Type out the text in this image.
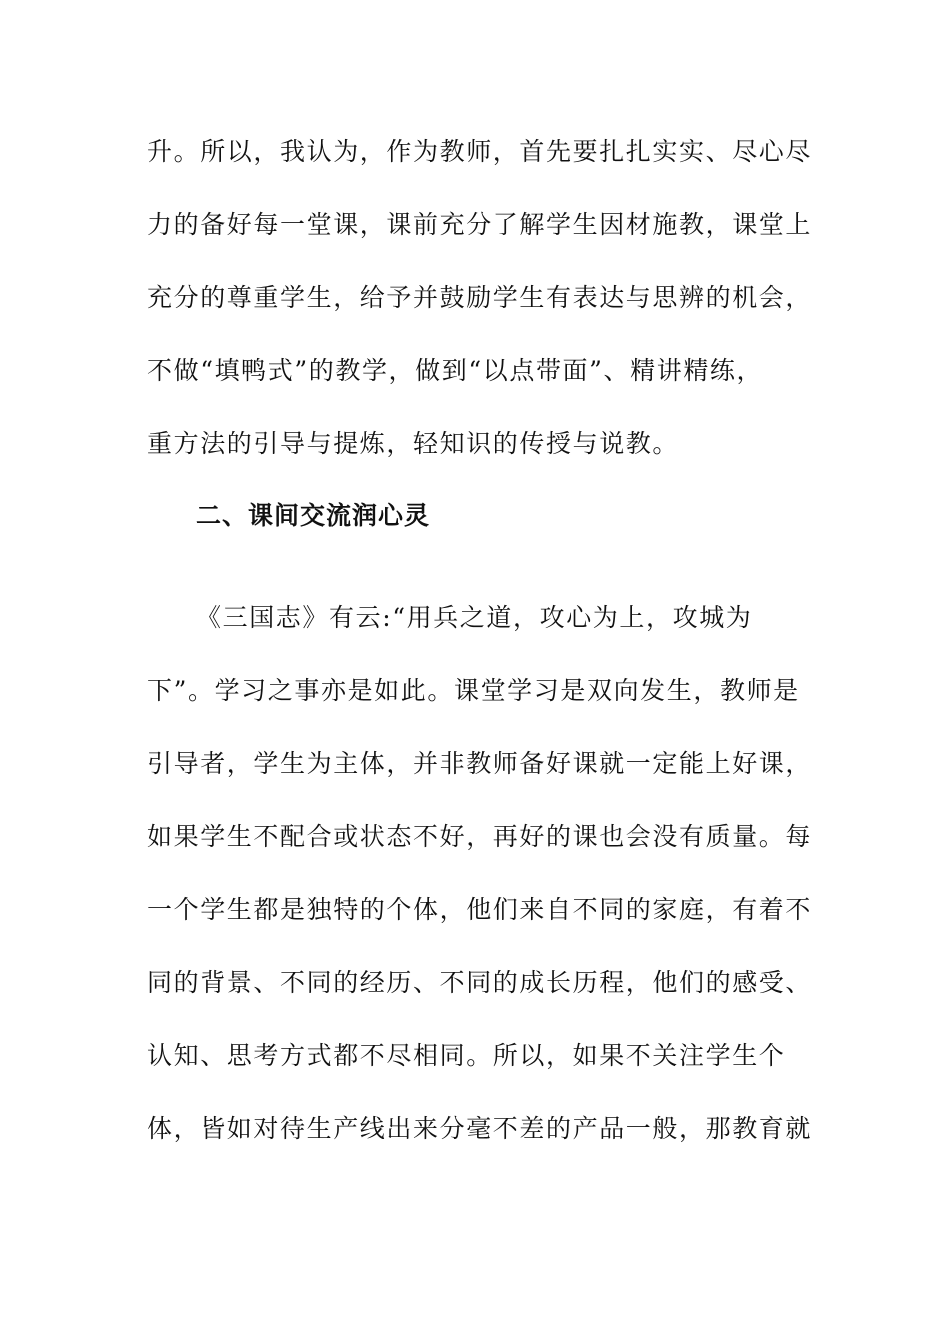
升。所以，我认为，作为教师，首先要扎扎实实、尽心尽
力的备好每一堂课，课前充分了解学生因材施教，课堂上
充分的尊重学生，给予并鼓励学生有表达与思辨的机会，
不做“填鸭式”的教学，做到“以点带面”、精讲精练，
重方法的引导与提炼，轻知识的传授与说教。
二、课间交流润心灵
《三国志》有云:“用兵之道，攻心为上，攻城为
下”。学习之事亦是如此。课堂学习是双向发生，教师是
引导者，学生为主体，并非教师备好课就一定能上好课，
如果学生不配合或状态不好，再好的课也会没有质量。每
一个学生都是独特的个体，他们来自不同的家庭，有着不
同的背景、不同的经历、不同的成长历程，他们的感受、
认知、思考方式都不尽相同。所以，如果不关注学生个
体，皆如对待生产线出来分毫不差的产品一般，那教育就
